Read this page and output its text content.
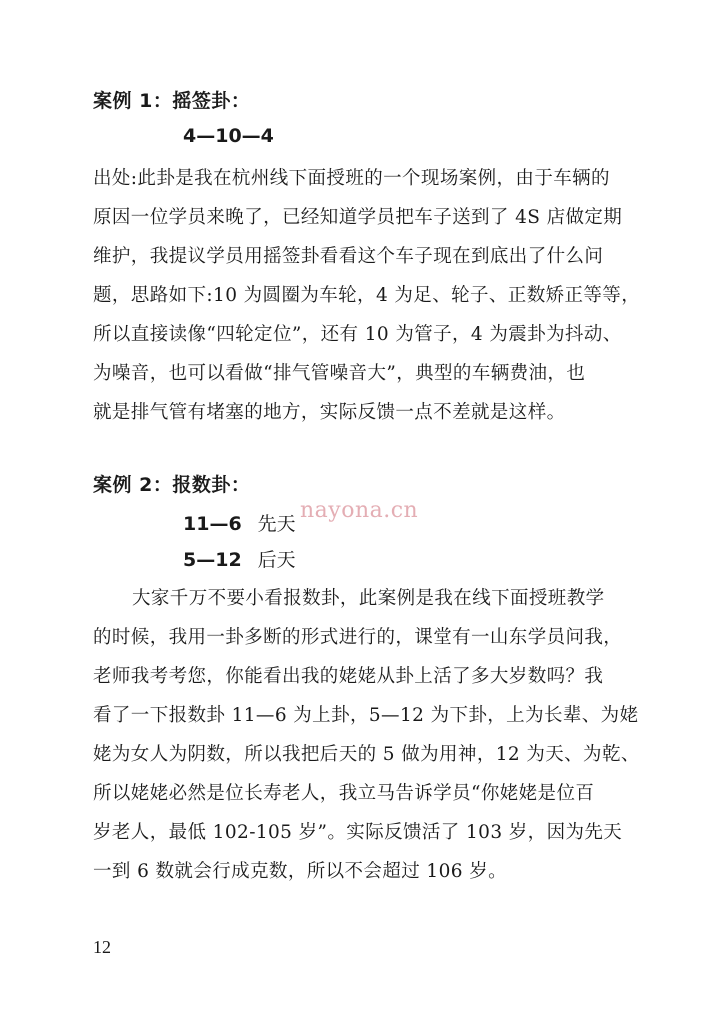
案例 1：摇签卦：
4—10—4
出处:此卦是我在杭州线下面授班的一个现场案例，由于车辆的
原因一位学员来晚了，已经知道学员把车子送到了 4S 店做定期
维护，我提议学员用摇签卦看看这个车子现在到底出了什么问
题，思路如下:10 为圆圈为车轮，4 为足、轮子、正数矫正等等，
所以直接读像“四轮定位”，还有 10 为管子，4 为震卦为抖动、
为噪音，也可以看做“排气管噪音大”，典型的车辆费油，也
就是排气管有堵塞的地方，实际反馈一点不差就是这样。
案例 2：报数卦：
11—6 先天
5—12 后天
大家千万不要小看报数卦，此案例是我在线下面授班教学
的时候，我用一卦多断的形式进行的，课堂有一山东学员问我，
老师我考考您，你能看出我的姥姥从卦上活了多大岁数吗？我
看了一下报数卦 11—6 为上卦，5—12 为下卦，上为长辈、为姥
姥为女人为阴数，所以我把后天的 5 做为用神，12 为天、为乾、
所以姥姥必然是位长寿老人，我立马告诉学员“你姥姥是位百
岁老人，最低 102-105 岁”。实际反馈活了 103 岁，因为先天
一到 6 数就会行成克数，所以不会超过 106 岁。
nayona.cn
12
